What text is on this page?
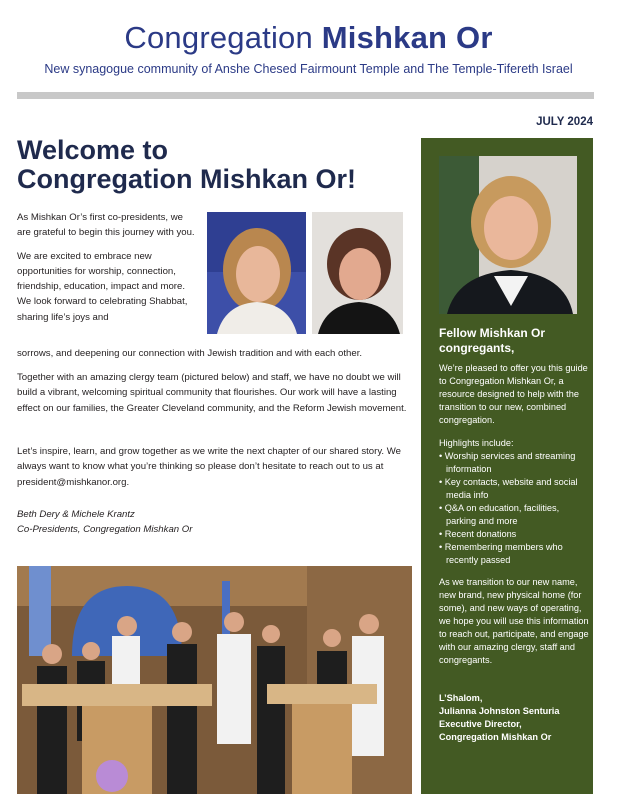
Congregation Mishkan Or
New synagogue community of Anshe Chesed Fairmount Temple and The Temple-Tifereth Israel
JULY 2024
Welcome to
Congregation Mishkan Or!

As Mishkan Or’s first co-presidents, we are grateful to begin this journey with you.

We are excited to embrace new opportunities for worship, connection, friendship, education, impact and more. We look forward to celebrating Shabbat, sharing life’s joys and

sorrows, and deepening our connection with Jewish tradition and with each other.
Together with an amazing clergy team (pictured below) and staff, we have no doubt we will build a vibrant, welcoming spiritual community that flourishes. Our work will have a lasting effect on our families, the Greater Cleveland community, and the Reform Jewish movement.
Let’s inspire, learn, and grow together as we write the next chapter of our shared story. We always want to know what you’re thinking so please don’t hesitate to reach out to us at president@mishkanor.org.
Beth Dery & Michele Krantz
Co-Presidents, Congregation Mishkan Or
Fellow Mishkan Or congregants,
We’re pleased to offer you this guide to Congregation Mishkan Or, a resource designed to help with the transition to our new, combined congregation.
Highlights include:
• Worship services and streaming information
• Key contacts, website and social media info
• Q&A on education, facilities, parking and more
• Recent donations
• Remembering members who recently passed
As we transition to our new name, new brand, new physical home (for some), and new ways of operating, we hope you will use this information to reach out, participate, and engage with our amazing clergy, staff and congregants.
L’Shalom,
Julianna Johnston Senturia
Executive Director,
Congregation Mishkan Or
